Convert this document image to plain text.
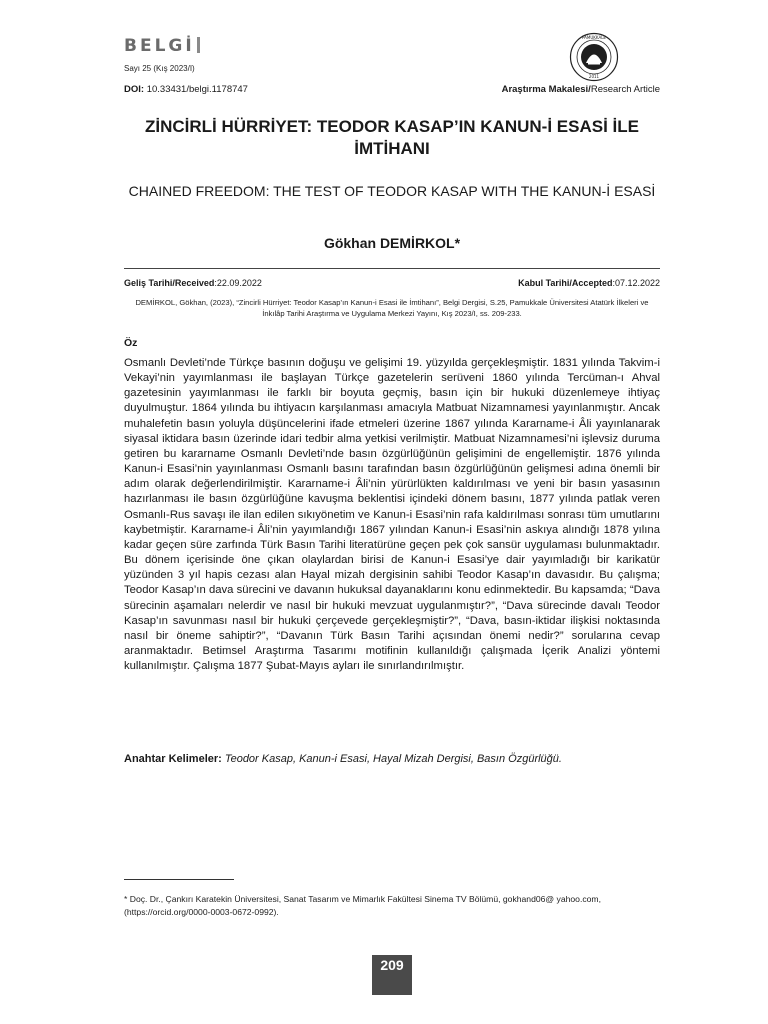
BELGİ
Sayı 25 (Kış 2023/I)
PAMUKKALE
2011
DOI: 10.33431/belgi.1178747	Araştırma Makalesi/Research Article
ZİNCİRLİ HÜRRİYET: TEODOR KASAP’IN KANUN-İ ESASİ İLE İMTİHANI
CHAINED FREEDOM: THE TEST OF TEODOR KASAP WITH THE KANUN-İ ESASİ
Gökhan DEMİRKOL*
Geliş Tarihi/Received:22.09.2022	Kabul Tarihi/Accepted:07.12.2022
DEMİRKOL, Gökhan, (2023), “Zincirli Hürriyet: Teodor Kasap’ın Kanun-i Esasi ile İmtihanı”, Belgi Dergisi, S.25, Pamukkale Üniversitesi Atatürk İlkeleri ve İnkılâp Tarihi Araştırma ve Uygulama Merkezi Yayını, Kış 2023/I, ss. 209-233.
Öz
Osmanlı Devleti’nde Türkçe basının doğuşu ve gelişimi 19. yüzyılda gerçekleşmiştir. 1831 yılında Takvim-i Vekayi’nin yayımlanması ile başlayan Türkçe gazetelerin serüveni 1860 yılında Tercüman-ı Ahval gazetesinin yayımlanması ile farklı bir boyuta geçmiş, basın için bir hukuki düzenlemeye ihtiyaç duyulmuştur. 1864 yılında bu ihtiyacın karşılanması amacıyla Matbuat Nizamnamesi yayınlanmıştır. Ancak muhalefetin basın yoluyla düşüncelerini ifade etmeleri üzerine 1867 yılında Kararname-i Âli yayınlanarak siyasal iktidara basın üzerinde idari tedbir alma yetkisi verilmiştir. Matbuat Nizamnamesi’ni işlevsiz duruma getiren bu kararname Osmanlı Devleti’nde basın özgürlüğünün gelişimini de engellemiştir. 1876 yılında Kanun-i Esasi’nin yayınlanması Osmanlı basını tarafından basın özgürlüğünün gelişmesi adına önemli bir adım olarak değerlendirilmiştir. Kararname-i Âli’nin yürürlükten kaldırılması ve yeni bir basın yasasının hazırlanması ile basın özgürlüğüne kavuşma beklentisi içindeki dönem basını, 1877 yılında patlak veren Osmanlı-Rus savaşı ile ilan edilen sıkıyönetim ve Kanun-i Esasi’nin rafa kaldırılması sonrası tüm umutlarını kaybetmiştir. Kararname-i Âli’nin yayımlandığı 1867 yılından Kanun-i Esasi’nin askıya alındığı 1878 yılına kadar geçen süre zarfında Türk Basın Tarihi literatürüne geçen pek çok sansür uygulaması bulunmaktadır. Bu dönem içerisinde öne çıkan olaylardan birisi de Kanun-i Esasi’ye dair yayımladığı bir karikatür yüzünden 3 yıl hapis cezası alan Hayal mizah dergisinin sahibi Teodor Kasap’ın davasıdır. Bu çalışma; Teodor Kasap’ın dava sürecini ve davanın hukuksal dayanaklarını konu edinmektedir. Bu kapsamda; “Dava sürecinin aşamaları nelerdir ve nasıl bir hukuki mevzuat uygulanmıştır?”, “Dava sürecinde davalı Teodor Kasap’ın savunması nasıl bir hukuki çerçevede gerçekleşmiştir?”, “Dava, basın-iktidar ilişkisi noktasında nasıl bir öneme sahiptir?”, “Davanın Türk Basın Tarihi açısından önemi nedir?” sorularına cevap aranmaktadır. Betimsel Araştırma Tasarımı motifinin kullanıldığı çalışmada İçerik Analizi yöntemi kullanılmıştır. Çalışma 1877 Şubat-Mayıs ayları ile sınırlandırılmıştır.
Anahtar Kelimeler: Teodor Kasap, Kanun-i Esasi, Hayal Mizah Dergisi, Basın Özgürlüğü.
* Doç. Dr., Çankırı Karatekin Üniversitesi, Sanat Tasarım ve Mimarlık Fakültesi Sinema TV Bölümü, gokhand06@ yahoo.com, (https://orcid.org/0000-0003-0672-0992).
209
